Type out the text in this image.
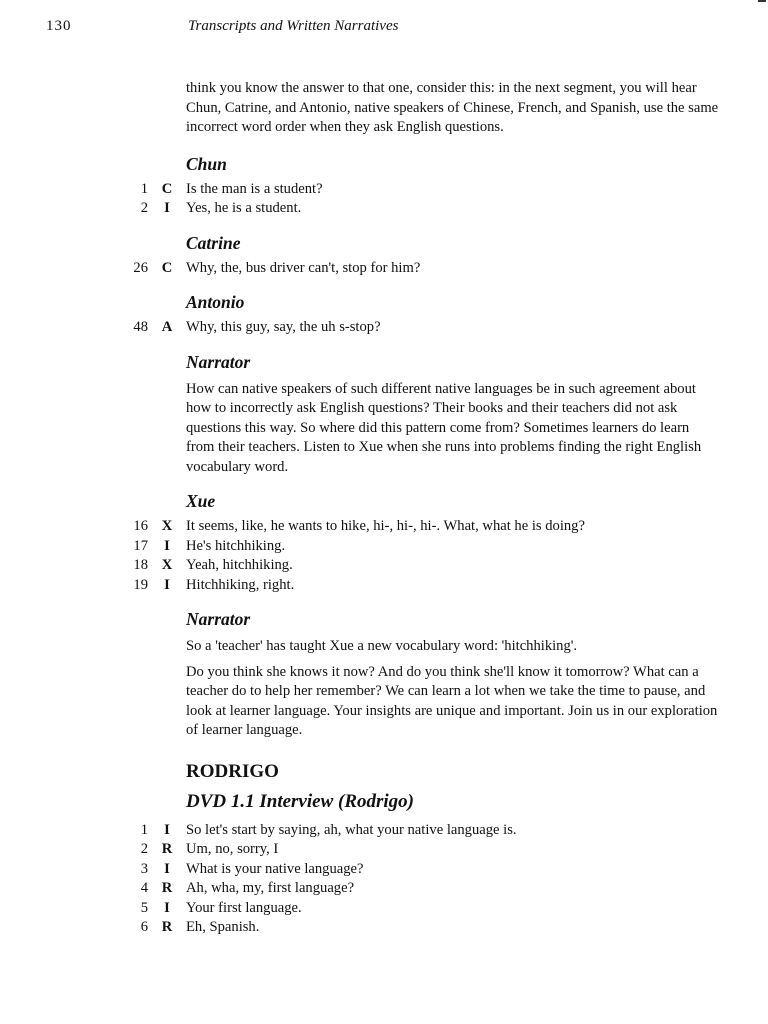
130	Transcripts and Written Narratives

think you know the answer to that one, consider this: in the next segment, you will hear Chun, Catrine, and Antonio, native speakers of Chinese, French, and Spanish, use the same incorrect word order when they ask English questions.

Chun
1 C Is the man is a student?
2	I	Yes, he is a student.
Catrine
26 C Why, the, bus driver can't, stop for him?
Antonio
48 A Why, this guy, say, the uh s-stop?
Narrator

How can native speakers of such different native languages be in such agreement about how to incorrectly ask English questions? Their books and their teachers did not ask questions this way. So where did this pattern come from? Sometimes learners do learn from their teachers. Listen to Xue when she runs into problems finding the right English vocabulary word.

Xue
16 X It seems, like, he wants to hike, hi-, hi-, hi-. What, what he is doing?
17	I	He's hitchhiking.
18 X Yeah, hitchhiking.
19	I	Hitchhiking, right.
Narrator

So a 'teacher' has taught Xue a new vocabulary word: 'hitchhiking'.

Do you think she knows it now? And do you think she'll know it tomorrow? What can a teacher do to help her remember? We can learn a lot when we take the time to pause, and look at learner language. Your insights are unique and important. Join us in our exploration of learner language.

RODRIGO
DVD 1.1 Interview (Rodrigo)
1	I	So let's start by saying, ah, what your native language is.
2 R Um, no, sorry, I
3	I	What is your native language?
4 R Ah, wha, my, first language?
5	I	Your first language.
6 R Eh, Spanish.
